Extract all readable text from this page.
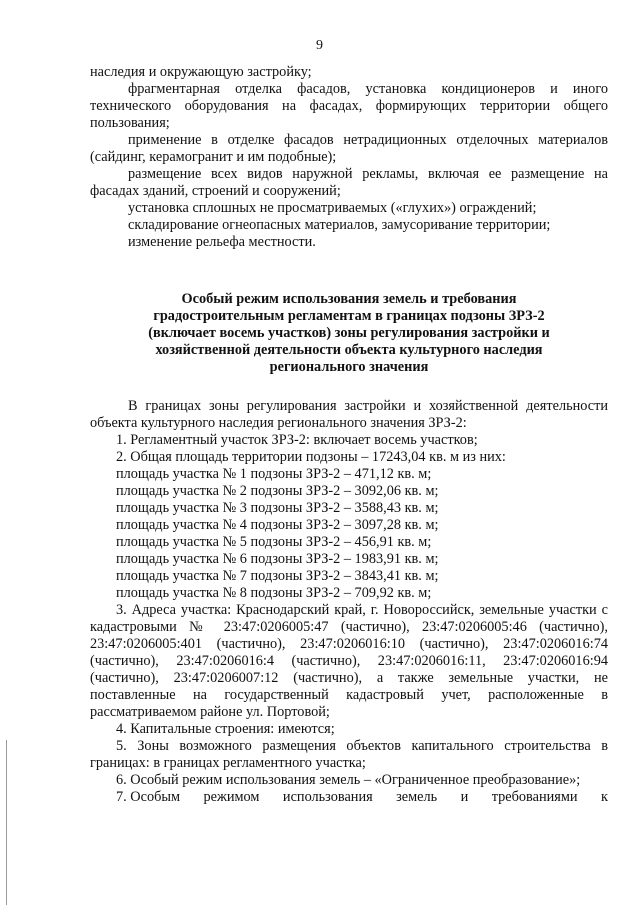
9

наследия и окружающую застройку;

фрагментарная отделка фасадов, установка кондиционеров и иного технического оборудования на фасадах, формирующих территории общего пользования;

применение в отделке фасадов нетрадиционных отделочных материалов (сайдинг, керамогранит и им подобные);

размещение всех видов наружной рекламы, включая ее размещение на фасадах зданий, строений и сооружений;

установка сплошных не просматриваемых («глухих») ограждений;

складирование огнеопасных материалов, замусоривание территории;

изменение рельефа местности.

Особый режим использования земель и требования
градостроительным регламентам в границах подзоны ЗРЗ-2
(включает восемь участков) зоны регулирования застройки и
хозяйственной деятельности объекта культурного наследия
регионального значения

В границах зоны регулирования застройки и хозяйственной деятельности объекта культурного наследия регионального значения ЗРЗ-2:

1. Регламентный участок ЗРЗ-2: включает восемь участков;

2. Общая площадь территории подзоны – 17243,04 кв. м из них:

площадь участка № 1 подзоны ЗРЗ-2 – 471,12 кв. м;

площадь участка № 2 подзоны ЗРЗ-2 – 3092,06 кв. м;

площадь участка № 3 подзоны ЗРЗ-2 – 3588,43 кв. м;

площадь участка № 4 подзоны ЗРЗ-2 – 3097,28 кв. м;

площадь участка № 5 подзоны ЗРЗ-2 – 456,91 кв. м;

площадь участка № 6 подзоны ЗРЗ-2 – 1983,91 кв. м;

площадь участка № 7 подзоны ЗРЗ-2 – 3843,41 кв. м;

площадь участка № 8 подзоны ЗРЗ-2 – 709,92 кв. м;

3. Адреса участка: Краснодарский край, г. Новороссийск, земельные участки с кадастровыми № 23:47:0206005:47 (частично), 23:47:0206005:46 (частично), 23:47:0206005:401 (частично), 23:47:0206016:10 (частично), 23:47:0206016:74 (частично), 23:47:0206016:4 (частично), 23:47:0206016:11, 23:47:0206016:94 (частично), 23:47:0206007:12 (частично), а также земельные участки, не поставленные на государственный кадастровый учет, расположенные в рассматриваемом районе ул. Портовой;

4. Капитальные строения: имеются;

5. Зоны возможного размещения объектов капитального строительства в границах: в границах регламентного участка;

6. Особый режим использования земель – «Ограниченное преобразование»;

7. Особым режимом использования земель и требованиями к
